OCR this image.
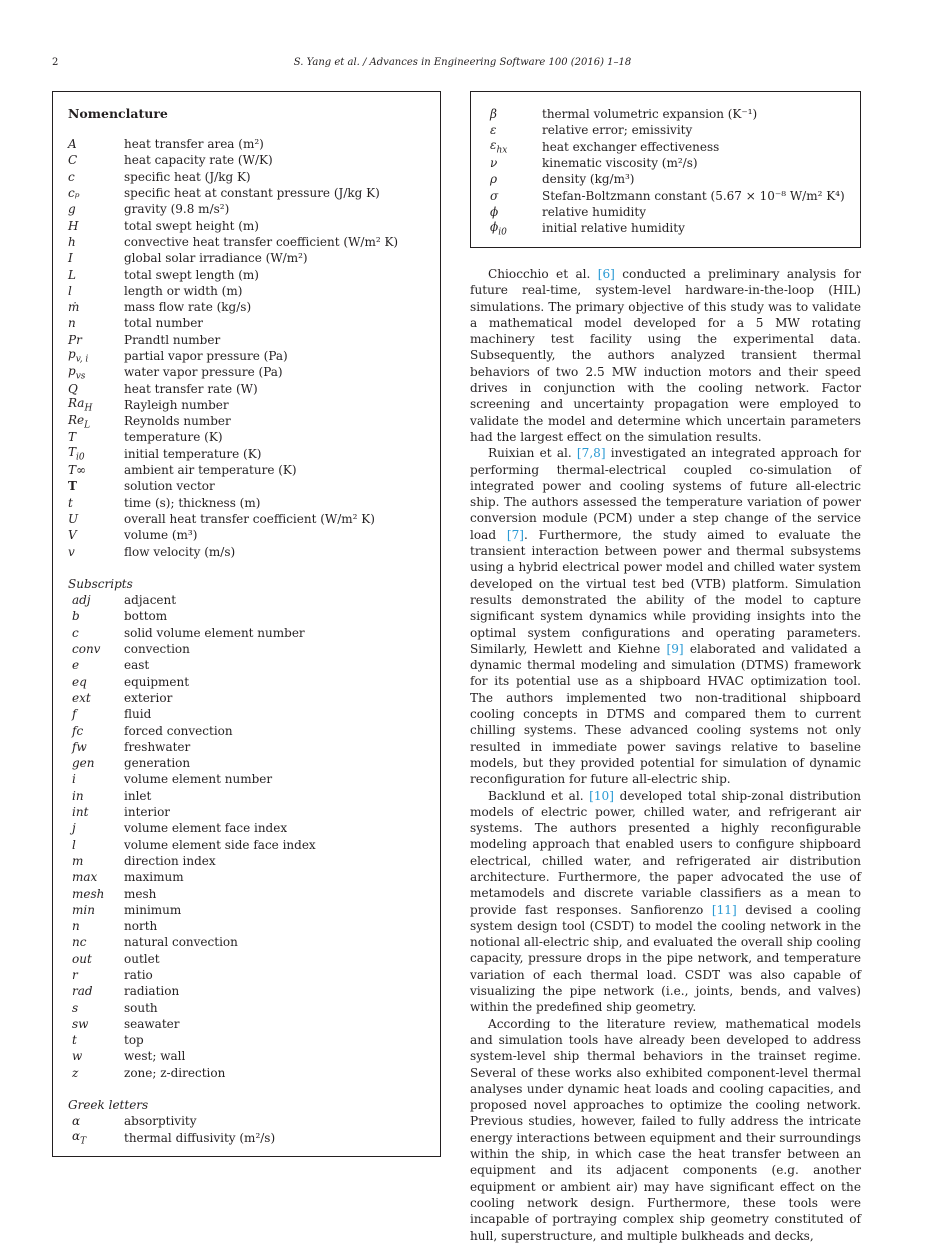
2	S. Yang et al. / Advances in Engineering Software 100 (2016) 1–18
Nomenclature
A	heat transfer area (m²)
C	heat capacity rate (W/K)
c	specific heat (J/kg K)
cₚ	specific heat at constant pressure (J/kg K)
g	gravity (9.8 m/s²)
H	total swept height (m)
h	convective heat transfer coefficient (W/m² K)
I	global solar irradiance (W/m²)
L	total swept length (m)
l	length or width (m)
ṁ	mass flow rate (kg/s)
n	total number
Pr	Prandtl number
$p_{v, i}$	partial vapor pressure (Pa)
$p_{vs}$	water vapor pressure (Pa)
Q	heat transfer rate (W)
$Ra_H$	Rayleigh number
$Re_L$	Reynolds number
T	temperature (K)
$T_{i0}$	initial temperature (K)
T∞	ambient air temperature (K)
T	solution vector
t	time (s); thickness (m)
U	overall heat transfer coefficient (W/m² K)
V	volume (m³)
v	flow velocity (m/s)
Subscripts
adj	adjacent
b	bottom
c	solid volume element number
conv	convection
e	east
eq	equipment
ext	exterior
f	fluid
fc	forced convection
fw	freshwater
gen	generation
i	volume element number
in	inlet
int	interior
j	volume element face index
l	volume element side face index
m	direction index
max	maximum
mesh	mesh
min	minimum
n	north
nc	natural convection
out	outlet
r	ratio
rad	radiation
s	south
sw	seawater
t	top
w	west; wall
z	zone; z-direction
Greek letters
α	absorptivity
$\alpha_T$	thermal diffusivity (m²/s)
β	thermal volumetric expansion (K⁻¹)
ε	relative error; emissivity
$\varepsilon_{hx}$	heat exchanger effectiveness
ν	kinematic viscosity (m²/s)
ρ	density (kg/m³)
σ	Stefan-Boltzmann constant (5.67 × 10⁻⁸ W/m² K⁴)
ϕ	relative humidity
$\phi_{i0}$	initial relative humidity

Chiocchio et al. [6] conducted a preliminary analysis for future real-time, system-level hardware-in-the-loop (HIL) simulations. The primary objective of this study was to validate a mathematical model developed for a 5 MW rotating machinery test facility using the experimental data. Subsequently, the authors analyzed transient thermal behaviors of two 2.5 MW induction motors and their speed drives in conjunction with the cooling network. Factor screening and uncertainty propagation were employed to validate the model and determine which uncertain parameters had the largest effect on the simulation results.

Ruixian et al. [7,8] investigated an integrated approach for performing thermal-electrical coupled co-simulation of integrated power and cooling systems of future all-electric ship. The authors assessed the temperature variation of power conversion module (PCM) under a step change of the service load [7]. Furthermore, the study aimed to evaluate the transient interaction between power and thermal subsystems using a hybrid electrical power model and chilled water system developed on the virtual test bed (VTB) platform. Simulation results demonstrated the ability of the model to capture significant system dynamics while providing insights into the optimal system configurations and operating parameters. Similarly, Hewlett and Kiehne [9] elaborated and validated a dynamic thermal modeling and simulation (DTMS) framework for its potential use as a shipboard HVAC optimization tool. The authors implemented two non-traditional shipboard cooling concepts in DTMS and compared them to current chilling systems. These advanced cooling systems not only resulted in immediate power savings relative to baseline models, but they provided potential for simulation of dynamic reconfiguration for future all-electric ship.

Backlund et al. [10] developed total ship-zonal distribution models of electric power, chilled water, and refrigerant air systems. The authors presented a highly reconfigurable modeling approach that enabled users to configure shipboard electrical, chilled water, and refrigerated air distribution architecture. Furthermore, the paper advocated the use of metamodels and discrete variable classifiers as a mean to provide fast responses. Sanfiorenzo [11] devised a cooling system design tool (CSDT) to model the cooling network in the notional all-electric ship, and evaluated the overall ship cooling capacity, pressure drops in the pipe network, and temperature variation of each thermal load. CSDT was also capable of visualizing the pipe network (i.e., joints, bends, and valves) within the predefined ship geometry.

According to the literature review, mathematical models and simulation tools have already been developed to address system-level ship thermal behaviors in the trainset regime. Several of these works also exhibited component-level thermal analyses under dynamic heat loads and cooling capacities, and proposed novel approaches to optimize the cooling network. Previous studies, however, failed to fully address the intricate energy interactions between equipment and their surroundings within the ship, in which case the heat transfer between an equipment and its adjacent components (e.g. another equipment or ambient air) may have significant effect on the cooling network design. Furthermore, these tools were incapable of portraying complex ship geometry constituted of hull, superstructure, and multiple bulkheads and decks,
